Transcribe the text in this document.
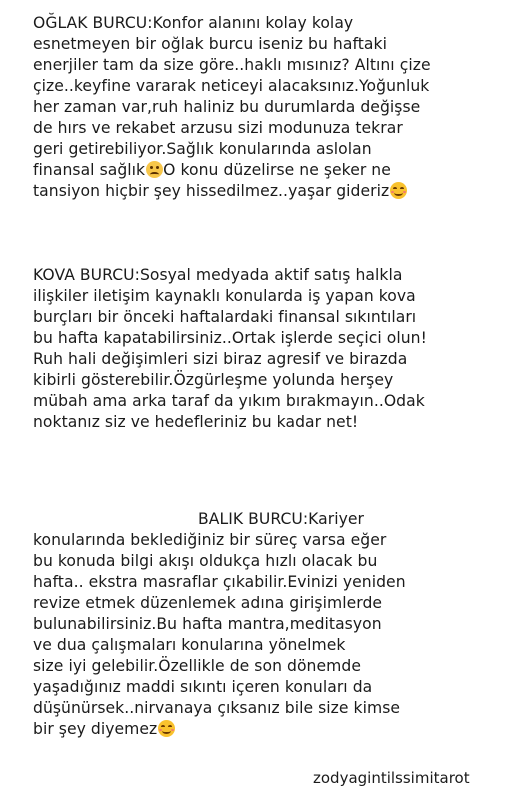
OĞLAK BURCU:Konfor alanını kolay kolay
esnetmeyen bir oğlak burcu iseniz bu haftaki
enerjiler tam da size göre..haklı mısınız? Altını çize
çize..keyfine vararak neticeyi alacaksınız.Yoğunluk
her zaman var,ruh haliniz bu durumlarda değişse
de hırs ve rekabet arzusu sizi modunuza tekrar
geri getirebiliyor.Sağlık konularında aslolan
finansal sağlık O konu düzelirse ne şeker ne
tansiyon hiçbir şey hissedilmez..yaşar gideriz
KOVA BURCU:Sosyal medyada aktif satış halkla
ilişkiler iletişim kaynaklı konularda iş yapan kova
burçları bir önceki haftalardaki finansal sıkıntıları
bu hafta kapatabilirsiniz..Ortak işlerde seçici olun!
Ruh hali değişimleri sizi biraz agresif ve birazda
kibirli gösterebilir.Özgürleşme yolunda herşey
mübah ama arka taraf da yıkım bırakmayın..Odak
noktanız siz ve hedefleriniz bu kadar net!
BALIK BURCU:Kariyer
konularında beklediğiniz bir süreç varsa eğer
bu konuda bilgi akışı oldukça hızlı olacak bu
hafta.. ekstra masraflar çıkabilir.Evinizi yeniden
revize etmek düzenlemek adına girişimlerde
bulunabilirsiniz.Bu hafta mantra,meditasyon
ve dua çalışmaları konularına yönelmek
size iyi gelebilir.Özellikle de son dönemde
yaşadığınız maddi sıkıntı içeren konuları da
düşünürsek..nirvanaya çıksanız bile size kimse
bir şey diyemez
zodyagintilssimitarot
